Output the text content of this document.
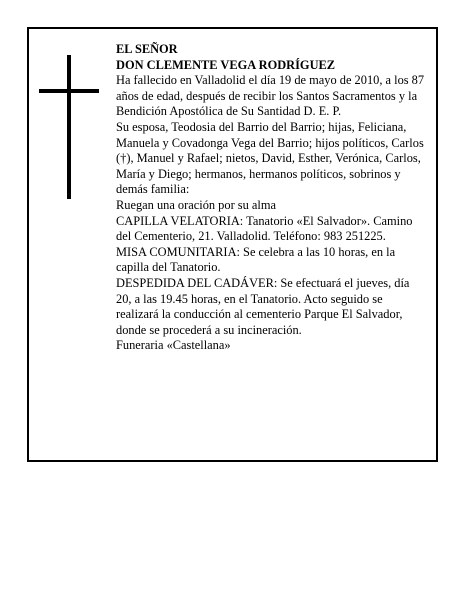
EL SEÑOR

DON CLEMENTE VEGA RODRÍGUEZ

Ha fallecido en Valladolid el día 19 de mayo de 2010, a los 87 años de edad, después de recibir los Santos Sacramentos y la Bendición Apostólica de Su Santidad D. E. P.

Su esposa, Teodosia del Barrio del Barrio; hijas, Feliciana, Manuela y Covadonga Vega del Barrio; hijos políticos, Carlos (†), Manuel y Rafael; nietos, David, Esther, Verónica, Carlos, María y Diego; hermanos, hermanos políticos, sobrinos y demás familia:

Ruegan una oración por su alma

CAPILLA VELATORIA: Tanatorio «El Salvador». Camino del Cementerio, 21. Valladolid. Teléfono: 983 251225.

MISA COMUNITARIA: Se celebra a las 10 horas, en la capilla del Tanatorio.

DESPEDIDA DEL CADÁVER: Se efectuará el jueves, día 20, a las 19.45 horas, en el Tanatorio. Acto seguido se realizará la conducción al cementerio Parque El Salvador, donde se procederá a su incineración.

Funeraria «Castellana»
